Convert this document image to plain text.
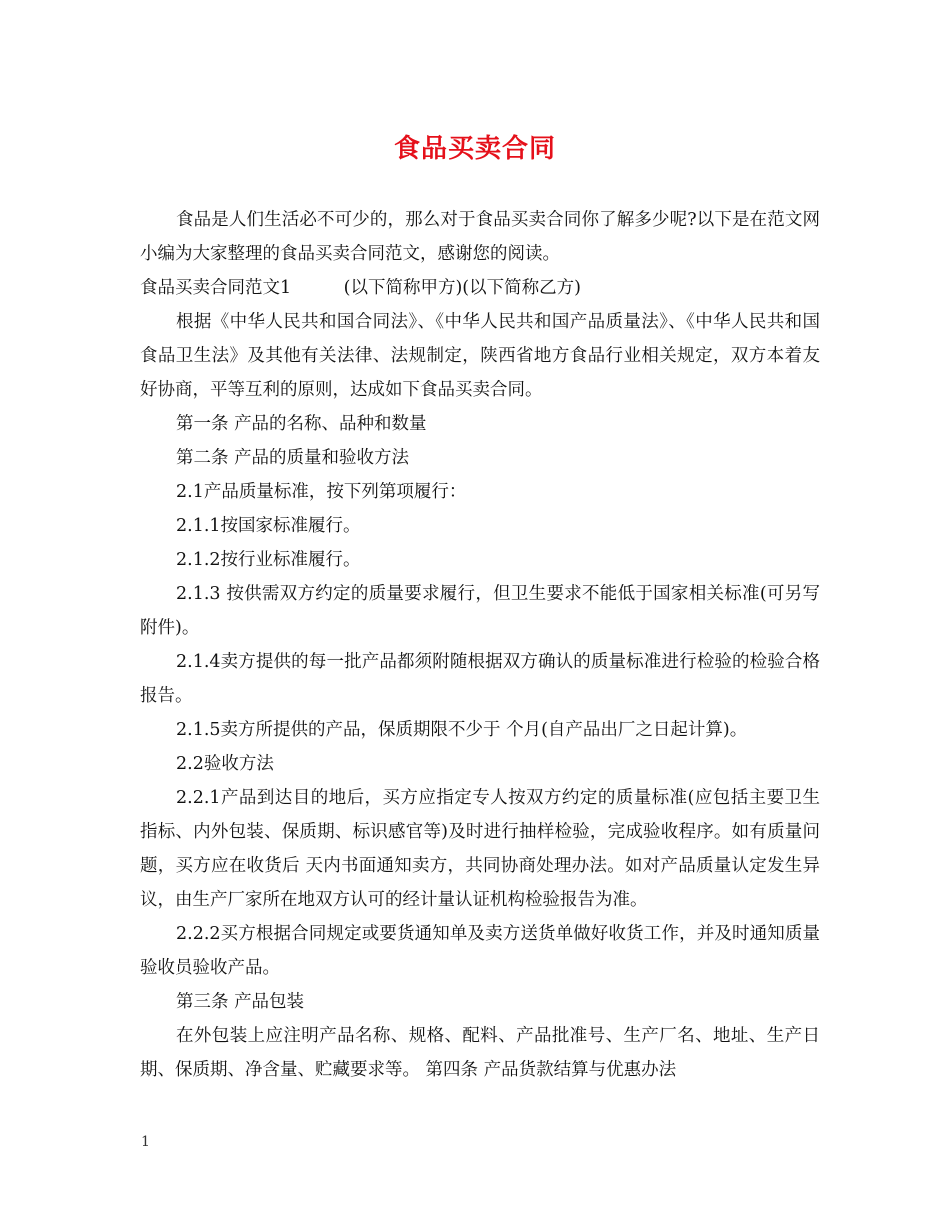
食品买卖合同

食品是人们生活必不可少的，那么对于食品买卖合同你了解多少呢?以下是在范文网小编为大家整理的食品买卖合同范文，感谢您的阅读。

食品买卖合同范文1　　　(以下简称甲方)(以下简称乙方)

根据《中华人民共和国合同法》、《中华人民共和国产品质量法》、《中华人民共和国食品卫生法》及其他有关法律、法规制定，陕西省地方食品行业相关规定，双方本着友好协商，平等互利的原则，达成如下食品买卖合同。

第一条 产品的名称、品种和数量

第二条 产品的质量和验收方法

2.1产品质量标准，按下列第项履行：

2.1.1按国家标准履行。

2.1.2按行业标准履行。

2.1.3 按供需双方约定的质量要求履行，但卫生要求不能低于国家相关标准(可另写附件)。

2.1.4卖方提供的每一批产品都须附随根据双方确认的质量标准进行检验的检验合格报告。

2.1.5卖方所提供的产品，保质期限不少于 个月(自产品出厂之日起计算)。

2.2验收方法

2.2.1产品到达目的地后，买方应指定专人按双方约定的质量标准(应包括主要卫生指标、内外包装、保质期、标识感官等)及时进行抽样检验，完成验收程序。如有质量问题，买方应在收货后 天内书面通知卖方，共同协商处理办法。如对产品质量认定发生异议，由生产厂家所在地双方认可的经计量认证机构检验报告为准。

2.2.2买方根据合同规定或要货通知单及卖方送货单做好收货工作，并及时通知质量验收员验收产品。

第三条 产品包装

在外包装上应注明产品名称、规格、配料、产品批准号、生产厂名、地址、生产日期、保质期、净含量、贮藏要求等。 第四条 产品货款结算与优惠办法

1
